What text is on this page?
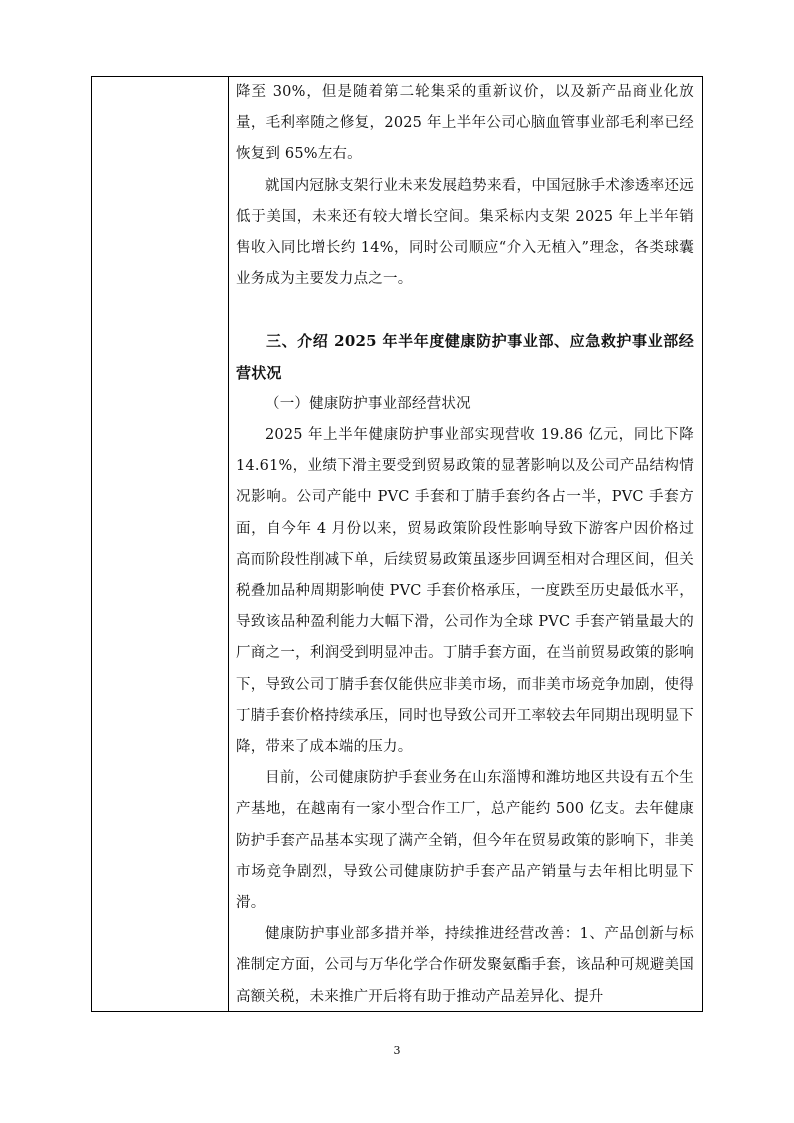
降至 30%，但是随着第二轮集采的重新议价，以及新产品商业化放量，毛利率随之修复，2025 年上半年公司心脑血管事业部毛利率已经恢复到 65%左右。

就国内冠脉支架行业未来发展趋势来看，中国冠脉手术渗透率还远低于美国，未来还有较大增长空间。集采标内支架 2025 年上半年销售收入同比增长约 14%，同时公司顺应“介入无植入”理念，各类球囊业务成为主要发力点之一。

三、介绍 2025 年半年度健康防护事业部、应急救护事业部经营状况

（一）健康防护事业部经营状况

2025 年上半年健康防护事业部实现营收 19.86 亿元，同比下降 14.61%，业绩下滑主要受到贸易政策的显著影响以及公司产品结构情况影响。公司产能中 PVC 手套和丁腈手套约各占一半，PVC 手套方面，自今年 4 月份以来，贸易政策阶段性影响导致下游客户因价格过高而阶段性削减下单，后续贸易政策虽逐步回调至相对合理区间，但关税叠加品种周期影响使 PVC 手套价格承压，一度跌至历史最低水平，导致该品种盈利能力大幅下滑，公司作为全球 PVC 手套产销量最大的厂商之一，利润受到明显冲击。丁腈手套方面，在当前贸易政策的影响下，导致公司丁腈手套仅能供应非美市场，而非美市场竞争加剧，使得丁腈手套价格持续承压，同时也导致公司开工率较去年同期出现明显下降，带来了成本端的压力。

目前，公司健康防护手套业务在山东淄博和潍坊地区共设有五个生产基地，在越南有一家小型合作工厂，总产能约 500 亿支。去年健康防护手套产品基本实现了满产全销，但今年在贸易政策的影响下，非美市场竞争剧烈，导致公司健康防护手套产品产销量与去年相比明显下滑。

健康防护事业部多措并举，持续推进经营改善：1、产品创新与标准制定方面，公司与万华化学合作研发聚氨酯手套，该品种可规避美国高额关税，未来推广开后将有助于推动产品差异化、提升

3
